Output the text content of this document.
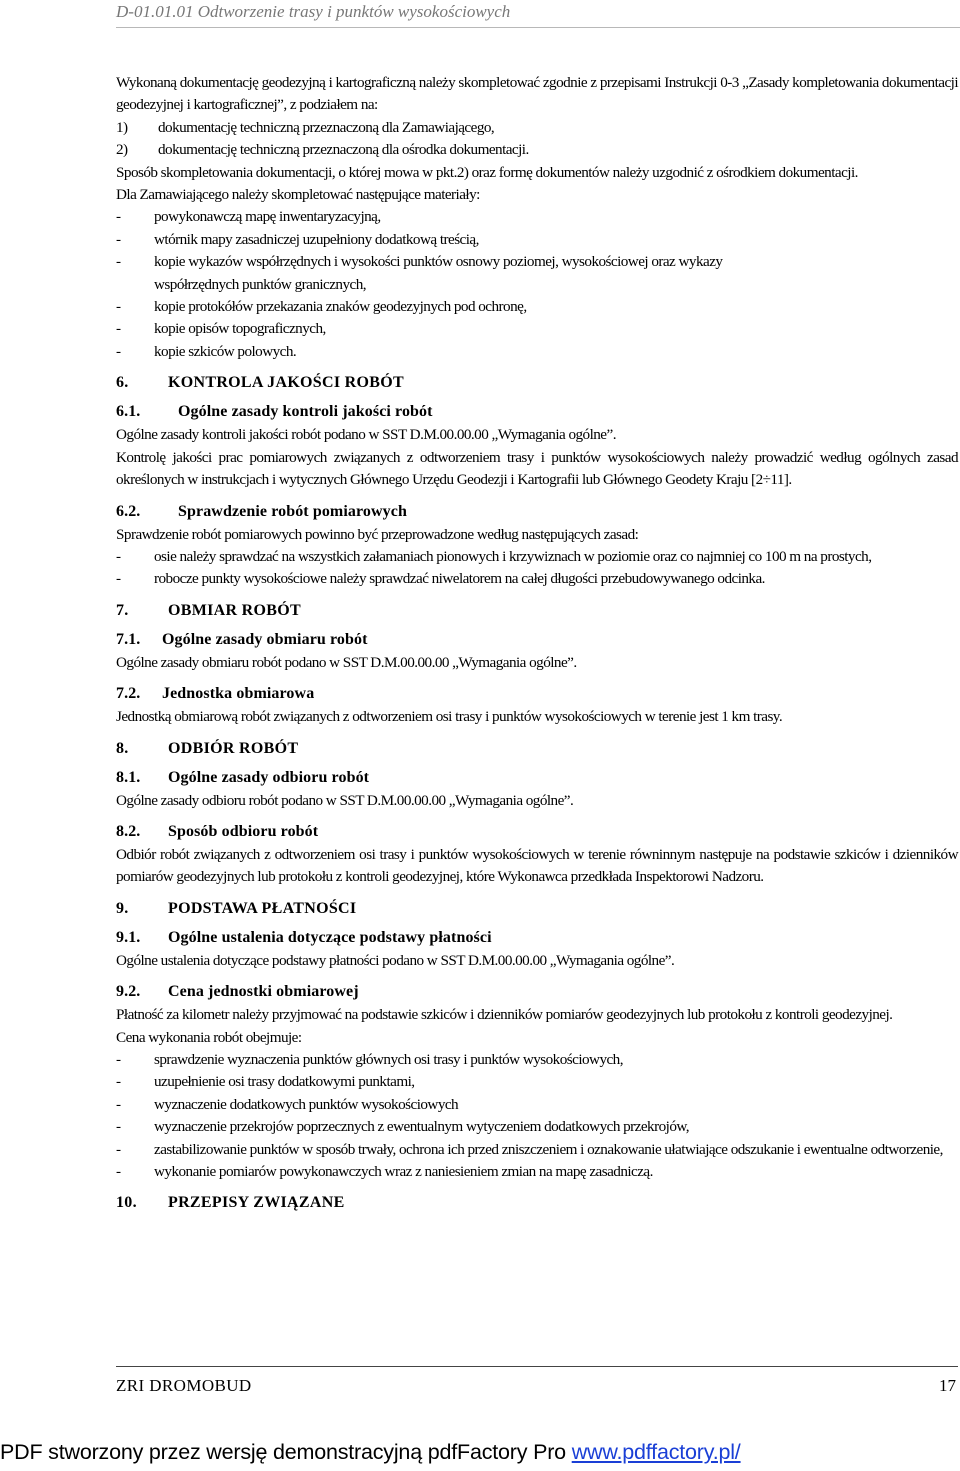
D-01.01.01 Odtworzenie trasy i punktów wysokościowych

Wykonaną dokumentację geodezyjną i kartograficzną należy skompletować zgodnie z przepisami Instrukcji 0-3 „Zasady kompletowania dokumentacji geodezyjnej i kartograficznej”, z podziałem na:

1)	dokumentację techniczną przeznaczoną dla Zamawiającego,
2)	dokumentację techniczną przeznaczoną dla ośrodka dokumentacji.

Sposób skompletowania dokumentacji, o której mowa w pkt.2) oraz formę dokumentów należy uzgodnić z ośrodkiem dokumentacji.

Dla Zamawiającego należy skompletować następujące materiały:

-	powykonawczą mapę inwentaryzacyjną,
-	wtórnik mapy zasadniczej uzupełniony dodatkową treścią,
-	kopie wykazów współrzędnych i wysokości punktów osnowy poziomej, wysokościowej oraz wykazy współrzędnych punktów granicznych,
-	kopie protokółów przekazania znaków geodezyjnych pod ochronę,
-	kopie opisów topograficznych,
-	kopie szkiców polowych.
6.	KONTROLA JAKOŚCI ROBÓT
6.1.	Ogólne zasady kontroli jakości robót

Ogólne zasady kontroli jakości robót podano w SST D.M.00.00.00 „Wymagania ogólne”.

Kontrolę jakości prac pomiarowych związanych z odtworzeniem trasy i punktów wysokościowych należy prowadzić według ogólnych zasad określonych w instrukcjach i wytycznych Głównego Urzędu Geodezji i Kartografii lub Głównego Geodety Kraju [2÷11].

6.2.	Sprawdzenie robót pomiarowych

Sprawdzenie robót pomiarowych powinno być przeprowadzone według następujących zasad:

-	osie należy sprawdzać na wszystkich załamaniach pionowych i krzywiznach w poziomie oraz co najmniej co 100 m na prostych,
-	robocze punkty wysokościowe należy sprawdzać niwelatorem na całej długości przebudowywanego odcinka.
7.	OBMIAR ROBÓT
7.1.	Ogólne zasady obmiaru robót

Ogólne zasady obmiaru robót podano w SST D.M.00.00.00 „Wymagania ogólne”.

7.2.	Jednostka obmiarowa

Jednostką obmiarową robót związanych z odtworzeniem osi trasy i punktów wysokościowych w terenie jest 1 km trasy.

8.	ODBIÓR ROBÓT
8.1.	Ogólne zasady odbioru robót

Ogólne zasady odbioru robót podano w SST D.M.00.00.00 „Wymagania ogólne”.

8.2.	Sposób odbioru robót

Odbiór robót związanych z odtworzeniem osi trasy i punktów wysokościowych w terenie równinnym następuje na podstawie szkiców i dzienników pomiarów geodezyjnych lub protokołu z kontroli geodezyjnej, które Wykonawca przedkłada Inspektorowi Nadzoru.

9.	PODSTAWA PŁATNOŚCI
9.1.	Ogólne ustalenia dotyczące podstawy płatności

Ogólne ustalenia dotyczące podstawy płatności podano w SST D.M.00.00.00 „Wymagania ogólne”.

9.2.	Cena jednostki obmiarowej

Płatność za kilometr należy przyjmować na podstawie szkiców i dzienników pomiarów geodezyjnych lub protokołu z kontroli geodezyjnej.

Cena wykonania robót obejmuje:

-	sprawdzenie wyznaczenia punktów głównych osi trasy i punktów wysokościowych,
-	uzupełnienie osi trasy dodatkowymi punktami,
-	wyznaczenie dodatkowych punktów wysokościowych
-	wyznaczenie przekrojów poprzecznych z ewentualnym wytyczeniem dodatkowych przekrojów,
-	zastabilizowanie punktów w sposób trwały, ochrona ich przed zniszczeniem i oznakowanie ułatwiające odszukanie i ewentualne odtworzenie,
-	wykonanie pomiarów powykonawczych wraz z naniesieniem zmian na mapę zasadniczą.
10.	PRZEPISY ZWIĄZANE
ZRI DROMOBUD	17
PDF stworzony przez wersję demonstracyjną pdfFactory Pro www.pdffactory.pl/
